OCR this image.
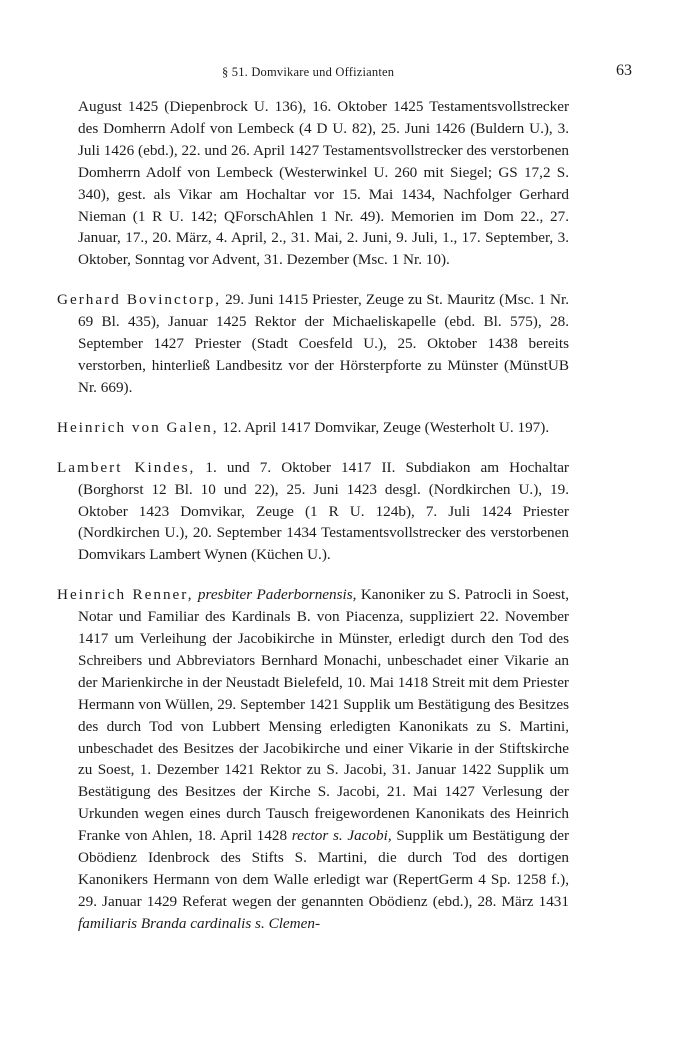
§ 51. Domvikare und Offizianten	63

August 1425 (Diepenbrock U. 136), 16. Oktober 1425 Testamentsvollstrecker des Domherrn Adolf von Lembeck (4 D U. 82), 25. Juni 1426 (Buldern U.), 3. Juli 1426 (ebd.), 22. und 26. April 1427 Testamentsvollstrecker des verstorbenen Domherrn Adolf von Lembeck (Westerwinkel U. 260 mit Siegel; GS 17,2 S. 340), gest. als Vikar am Hochaltar vor 15. Mai 1434, Nachfolger Gerhard Nieman (1 R U. 142; QForschAhlen 1 Nr. 49). Memorien im Dom 22., 27. Januar, 17., 20. März, 4. April, 2., 31. Mai, 2. Juni, 9. Juli, 1., 17. September, 3. Oktober, Sonntag vor Advent, 31. Dezember (Msc. 1 Nr. 10).

Gerhard Bovinctorp, 29. Juni 1415 Priester, Zeuge zu St. Mauritz (Msc. 1 Nr. 69 Bl. 435), Januar 1425 Rektor der Michaeliskapelle (ebd. Bl. 575), 28. September 1427 Priester (Stadt Coesfeld U.), 25. Oktober 1438 bereits verstorben, hinterließ Landbesitz vor der Hörsterpforte zu Münster (MünstUB Nr. 669).

Heinrich von Galen, 12. April 1417 Domvikar, Zeuge (Westerholt U. 197).

Lambert Kindes, 1. und 7. Oktober 1417 II. Subdiakon am Hochaltar (Borghorst 12 Bl. 10 und 22), 25. Juni 1423 desgl. (Nordkirchen U.), 19. Oktober 1423 Domvikar, Zeuge (1 R U. 124b), 7. Juli 1424 Priester (Nordkirchen U.), 20. September 1434 Testamentsvollstrecker des verstorbenen Domvikars Lambert Wynen (Küchen U.).

Heinrich Renner, presbiter Paderbornensis, Kanoniker zu S. Patrocli in Soest, Notar und Familiar des Kardinals B. von Piacenza, suppliziert 22. November 1417 um Verleihung der Jacobikirche in Münster, erledigt durch den Tod des Schreibers und Abbreviators Bernhard Monachi, unbeschadet einer Vikarie an der Marienkirche in der Neustadt Bielefeld, 10. Mai 1418 Streit mit dem Priester Hermann von Wüllen, 29. September 1421 Supplik um Bestätigung des Besitzes des durch Tod von Lubbert Mensing erledigten Kanonikats zu S. Martini, unbeschadet des Besitzes der Jacobikirche und einer Vikarie in der Stiftskirche zu Soest, 1. Dezember 1421 Rektor zu S. Jacobi, 31. Januar 1422 Supplik um Bestätigung des Besitzes der Kirche S. Jacobi, 21. Mai 1427 Verlesung der Urkunden wegen eines durch Tausch freigewordenen Kanonikats des Heinrich Franke von Ahlen, 18. April 1428 rector s. Jacobi, Supplik um Bestätigung der Obödienz Idenbrock des Stifts S. Martini, die durch Tod des dortigen Kanonikers Hermann von dem Walle erledigt war (RepertGerm 4 Sp. 1258 f.), 29. Januar 1429 Referat wegen der genannten Obödienz (ebd.), 28. März 1431 familiaris Branda cardinalis s. Clemen-
